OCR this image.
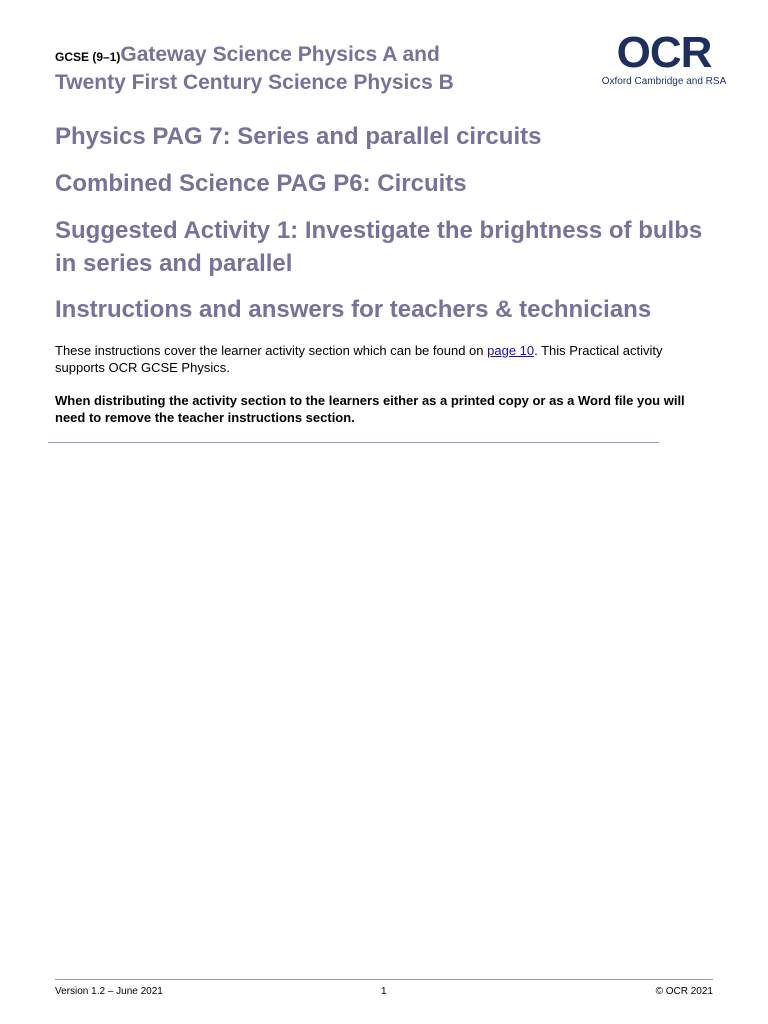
GCSE (9–1)Gateway Science Physics A and
Twenty First Century Science Physics B
OCR
Oxford Cambridge and RSA
Physics PAG 7: Series and parallel circuits
Combined Science PAG P6: Circuits
Suggested Activity 1: Investigate the brightness of bulbs in series and parallel
Instructions and answers for teachers & technicians

These instructions cover the learner activity section which can be found on page 10. This Practical activity supports OCR GCSE Physics.

When distributing the activity section to the learners either as a printed copy or as a Word file you will need to remove the teacher instructions section.

Version 1.2 – June 2021	1	© OCR 2021
